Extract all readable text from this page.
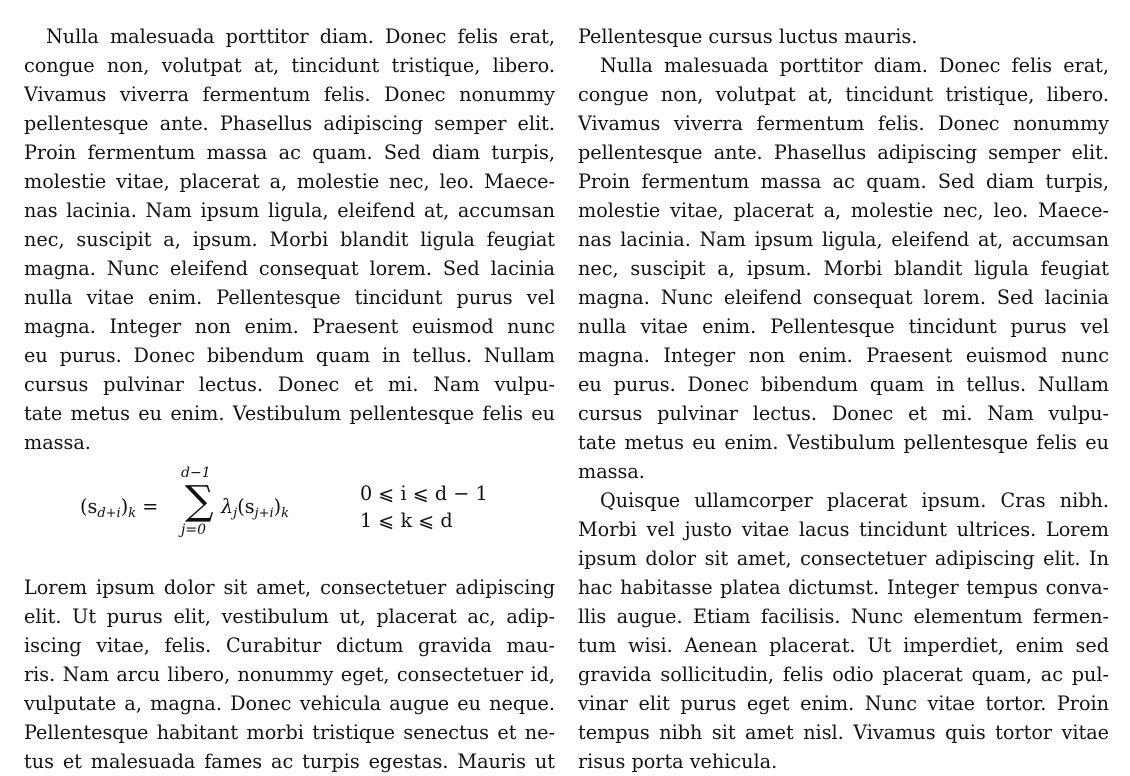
Nulla malesuada porttitor diam. Donec felis erat,
congue non, volutpat at, tincidunt tristique, libero.
Vivamus viverra fermentum felis. Donec nonummy
pellentesque ante. Phasellus adipiscing semper elit.
Proin fermentum massa ac quam. Sed diam turpis,
molestie vitae, placerat a, molestie nec, leo. Maece-
nas lacinia. Nam ipsum ligula, eleifend at, accumsan
nec, suscipit a, ipsum. Morbi blandit ligula feugiat
magna. Nunc eleifend consequat lorem. Sed lacinia
nulla vitae enim. Pellentesque tincidunt purus vel
magna. Integer non enim. Praesent euismod nunc
eu purus. Donec bibendum quam in tellus. Nullam
cursus pulvinar lectus. Donec et mi. Nam vulpu-
tate metus eu enim. Vestibulum pellentesque felis eu
massa.
$(s_{d+i})_k$ =
d−1
∑
j=0
$\lambda_j(s_{j+i})_k$
0 ⩽ i ⩽ d − 1
1 ⩽ k ⩽ d
Lorem ipsum dolor sit amet, consectetuer adipiscing
elit. Ut purus elit, vestibulum ut, placerat ac, adip-
iscing vitae, felis. Curabitur dictum gravida mau-
ris. Nam arcu libero, nonummy eget, consectetuer id,
vulputate a, magna. Donec vehicula augue eu neque.
Pellentesque habitant morbi tristique senectus et ne-
tus et malesuada fames ac turpis egestas. Mauris ut
Pellentesque cursus luctus mauris.
Nulla malesuada porttitor diam. Donec felis erat,
congue non, volutpat at, tincidunt tristique, libero.
Vivamus viverra fermentum felis. Donec nonummy
pellentesque ante. Phasellus adipiscing semper elit.
Proin fermentum massa ac quam. Sed diam turpis,
molestie vitae, placerat a, molestie nec, leo. Maece-
nas lacinia. Nam ipsum ligula, eleifend at, accumsan
nec, suscipit a, ipsum. Morbi blandit ligula feugiat
magna. Nunc eleifend consequat lorem. Sed lacinia
nulla vitae enim. Pellentesque tincidunt purus vel
magna. Integer non enim. Praesent euismod nunc
eu purus. Donec bibendum quam in tellus. Nullam
cursus pulvinar lectus. Donec et mi. Nam vulpu-
tate metus eu enim. Vestibulum pellentesque felis eu
massa.
Quisque ullamcorper placerat ipsum. Cras nibh.
Morbi vel justo vitae lacus tincidunt ultrices. Lorem
ipsum dolor sit amet, consectetuer adipiscing elit. In
hac habitasse platea dictumst. Integer tempus conva-
llis augue. Etiam facilisis. Nunc elementum fermen-
tum wisi. Aenean placerat. Ut imperdiet, enim sed
gravida sollicitudin, felis odio placerat quam, ac pul-
vinar elit purus eget enim. Nunc vitae tortor. Proin
tempus nibh sit amet nisl. Vivamus quis tortor vitae
risus porta vehicula.
